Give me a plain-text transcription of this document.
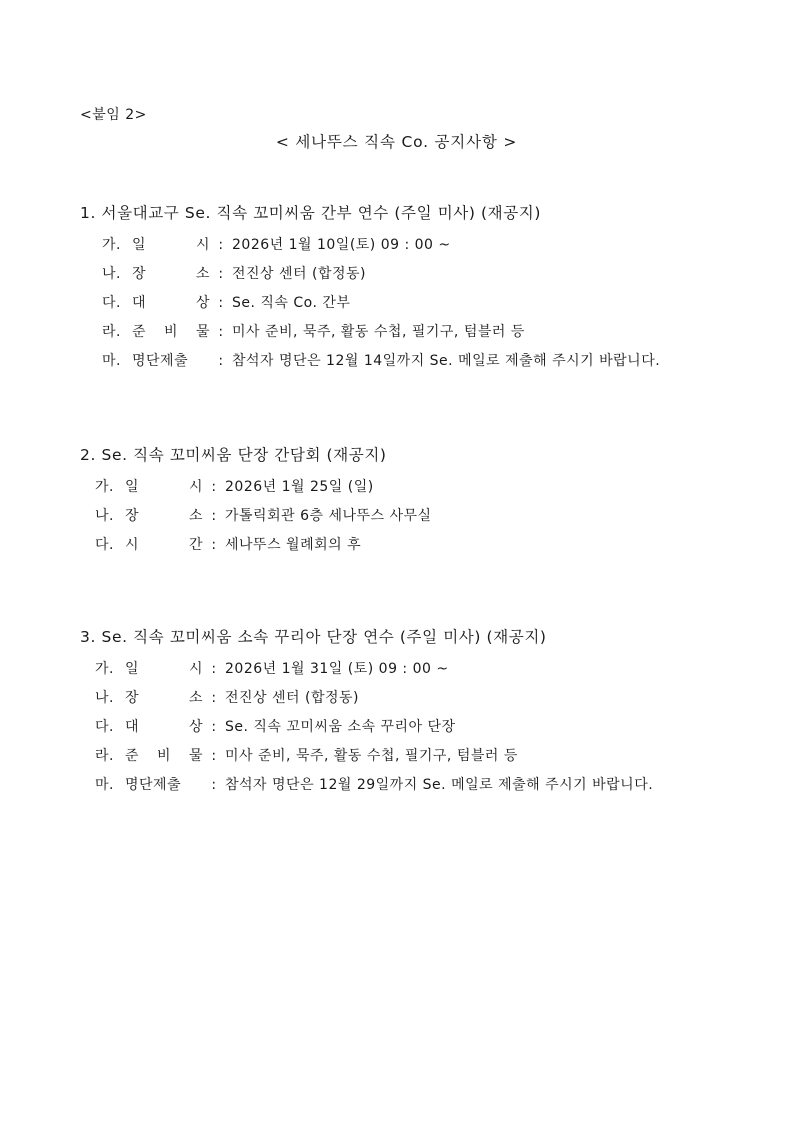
<붙임 2>
< 세나뚜스 직속 Co. 공지사항 >
1. 서울대교구 Se. 직속 꼬미씨움 간부 연수 (주일 미사) (재공지)
가. 일	시 : 2026년 1월 10일(토) 09 : 00 ~
나. 장	소 : 전진상 센터 (합정동)
다. 대	상 : Se. 직속 Co. 간부
라. 준 비 물 : 미사 준비, 묵주, 활동 수첩, 필기구, 텀블러 등
마. 명단제출	: 참석자 명단은 12월 14일까지 Se. 메일로 제출해 주시기 바랍니다.
2. Se. 직속 꼬미씨움 단장 간담회 (재공지)
가. 일	시 : 2026년 1월 25일 (일)
나. 장	소 : 가톨릭회관 6층 세나뚜스 사무실
다. 시	간 : 세나뚜스 월례회의 후
3. Se. 직속 꼬미씨움 소속 꾸리아 단장 연수 (주일 미사) (재공지)
가. 일	시 : 2026년 1월 31일 (토) 09 : 00 ~
나. 장	소 : 전진상 센터 (합정동)
다. 대	상 : Se. 직속 꼬미씨움 소속 꾸리아 단장
라. 준 비 물 : 미사 준비, 묵주, 활동 수첩, 필기구, 텀블러 등
마. 명단제출	: 참석자 명단은 12월 29일까지 Se. 메일로 제출해 주시기 바랍니다.
